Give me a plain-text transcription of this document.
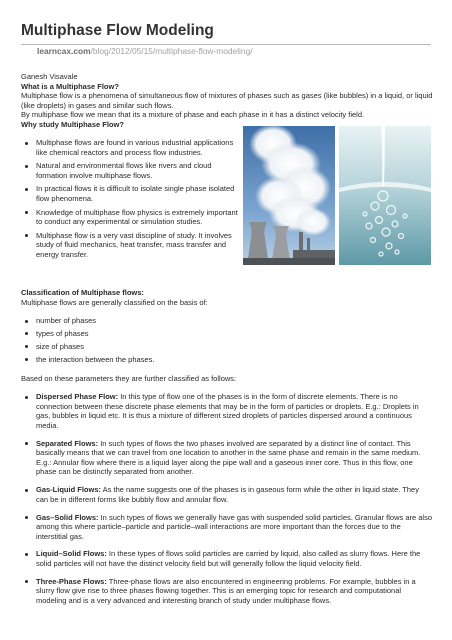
Multiphase Flow Modeling
learncax.com/blog/2012/05/15/multiphase-flow-modeling/

Ganesh Visavale

What is a Multiphase Flow?

Multiphase flow is a phenomena of simultaneous flow of mixtures of phases such as gases (like bubbles) in a liquid, or liquid (like droplets) in gases and similar such flows.

By multiphase flow we mean that its a mixture of phase and each phase in it has a distinct velocity field.

Why study Multiphase Flow?

Multiphase flows are found in various industrial applications like chemical reactors and process flow industries.
Natural and environmental flows like rivers and cloud formation involve multiphase flows.
In practical flows it is difficult to isolate single phase isolated flow phenomena.
Knowledge of multiphase flow physics is extremely important to conduct any experimental or simulation studies.
Multiphase flow is a very vast discipline of study. It involves study of fluid mechanics, heat transfer, mass transfer and energy transfer.

Classification of Multiphase flows:

Multiphase flows are generally classified on the basis of:

number of phases
types of phases
size of phases
the interaction between the phases.

Based on these parameters they are further classified as follows:

Dispersed Phase Flow: In this type of flow one of the phases is in the form of discrete elements. There is no connection between these discrete phase elements that may be in the form of particles or droplets. E.g.: Droplets in gas, bubbles in liquid etc. It is thus a mixture of different sized droplets of particles dispersed around a continuous media.
Separated Flows: In such types of flows the two phases involved are separated by a distinct line of contact. This basically means that we can travel from one location to another in the same phase and remain in the same medium. E.g.: Annular flow where there is a liquid layer along the pipe wall and a gaseous inner core. Thus in this flow, one phase can be distinctly separated from another.
Gas-Liquid Flows: As the name suggests one of the phases is in gaseous form while the other in liquid state. They can be in different forms like bubbly flow and annular flow.
Gas–Solid Flows: In such types of flows we generally have gas with suspended solid particles. Granular flows are also among this where particle–particle and particle–wall interactions are more important than the forces due to the interstitial gas.
Liquid–Solid Flows: In these types of flows solid particles are carried by liquid, also called as slurry flows. Here the solid particles will not have the distinct velocity field but will generally follow the liquid velocity field.
Three-Phase Flows: Three-phase flows are also encountered in engineering problems. For example, bubbles in a slurry flow give rise to three phases flowing together. This is an emerging topic for research and computational modeling and is a very advanced and interesting branch of study under multiphase flows.
